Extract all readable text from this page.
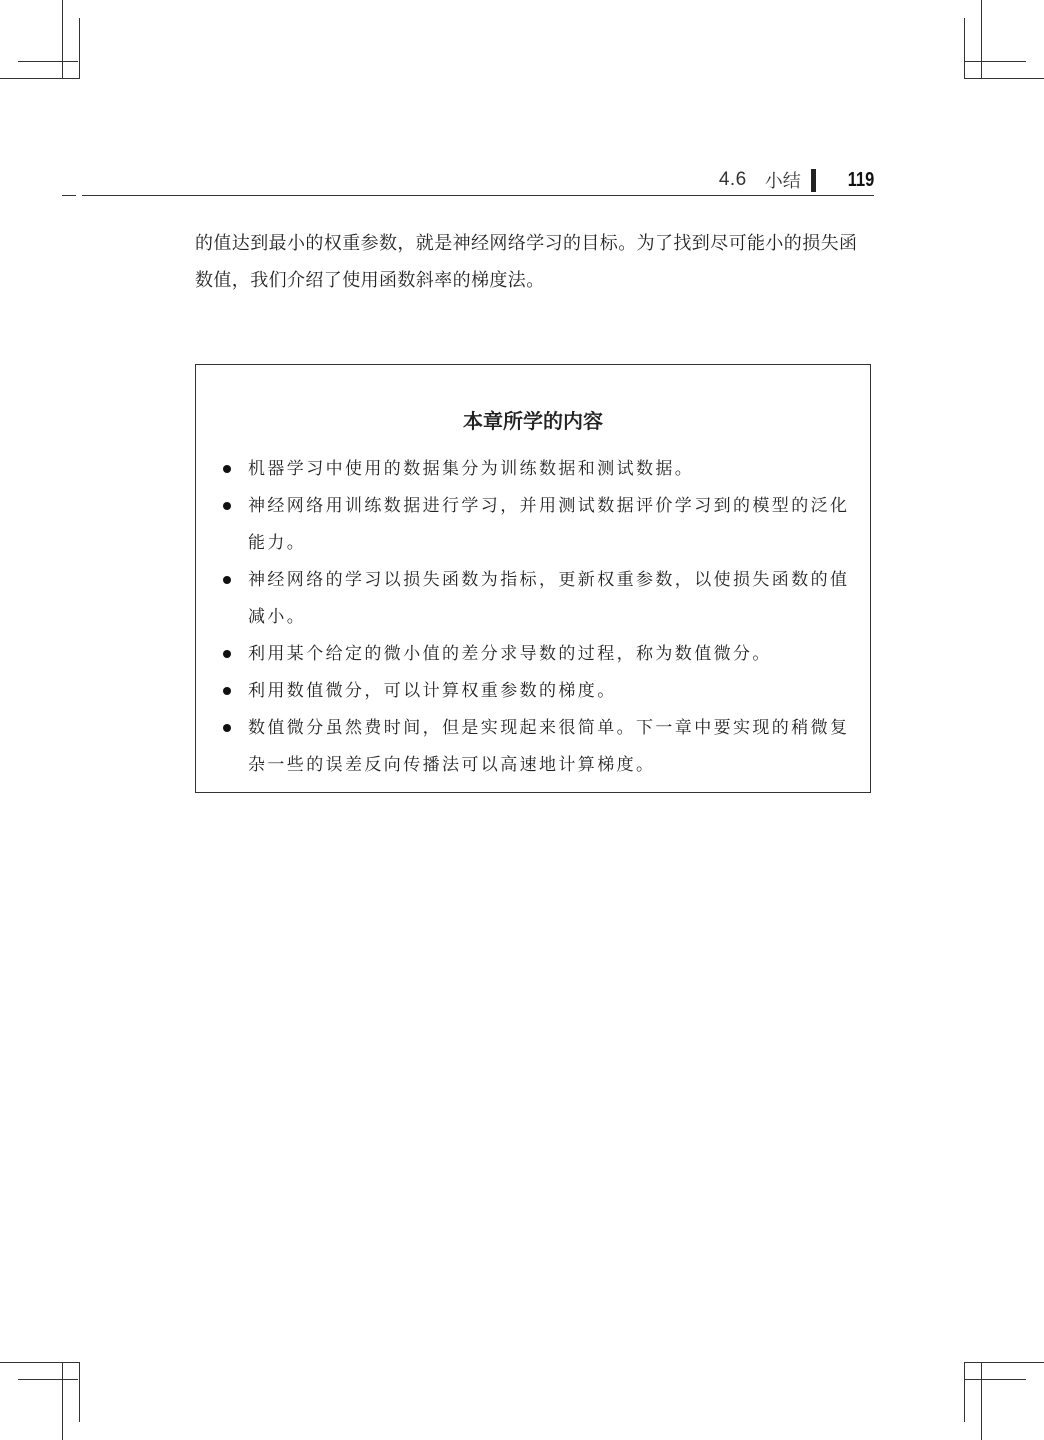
4.6 小结 119

的值达到最小的权重参数，就是神经网络学习的目标。为了找到尽可能小的损失函数值，我们介绍了使用函数斜率的梯度法。

本章所学的内容
机器学习中使用的数据集分为训练数据和测试数据。
神经网络用训练数据进行学习，并用测试数据评价学习到的模型的泛化能力。
神经网络的学习以损失函数为指标，更新权重参数，以使损失函数的值减小。
利用某个给定的微小值的差分求导数的过程，称为数值微分。
利用数值微分，可以计算权重参数的梯度。
数值微分虽然费时间，但是实现起来很简单。下一章中要实现的稍微复杂一些的误差反向传播法可以高速地计算梯度。
